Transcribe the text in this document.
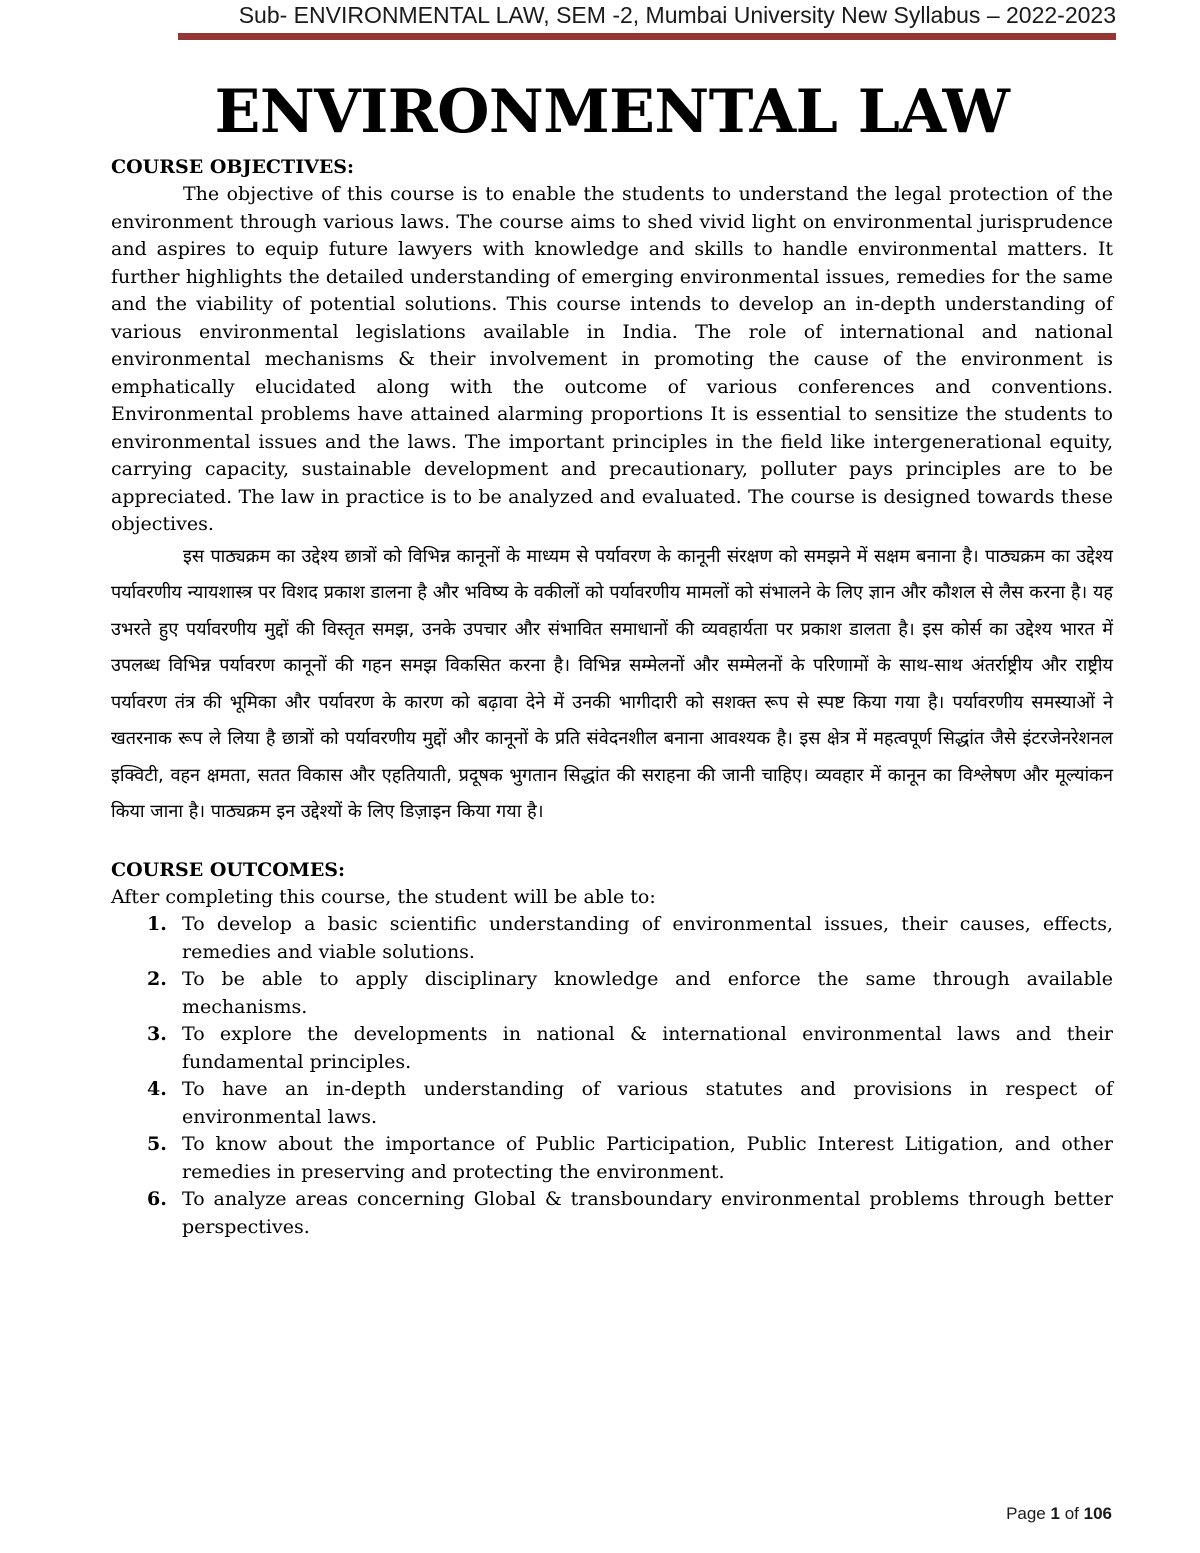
Sub- ENVIRONMENTAL LAW, SEM -2, Mumbai University New Syllabus – 2022-2023
ENVIRONMENTAL LAW

COURSE OBJECTIVES:

The objective of this course is to enable the students to understand the legal protection of the environment through various laws. The course aims to shed vivid light on environmental jurisprudence and aspires to equip future lawyers with knowledge and skills to handle environmental matters. It further highlights the detailed understanding of emerging environmental issues, remedies for the same and the viability of potential solutions. This course intends to develop an in-depth understanding of various environmental legislations available in India. The role of international and national environmental mechanisms & their involvement in promoting the cause of the environment is emphatically elucidated along with the outcome of various conferences and conventions. Environmental problems have attained alarming proportions It is essential to sensitize the students to environmental issues and the laws. The important principles in the field like intergenerational equity, carrying capacity, sustainable development and precautionary, polluter pays principles are to be appreciated. The law in practice is to be analyzed and evaluated. The course is designed towards these objectives.

इस पाठ्यक्रम का उद्देश्य छात्रों को विभिन्न कानूनों के माध्यम से पर्यावरण के कानूनी संरक्षण को समझने में सक्षम बनाना है। पाठ्यक्रम का उद्देश्य पर्यावरणीय न्यायशास्त्र पर विशद प्रकाश डालना है और भविष्य के वकीलों को पर्यावरणीय मामलों को संभालने के लिए ज्ञान और कौशल से लैस करना है। यह उभरते हुए पर्यावरणीय मुद्दों की विस्तृत समझ, उनके उपचार और संभावित समाधानों की व्यवहार्यता पर प्रकाश डालता है। इस कोर्स का उद्देश्य भारत में उपलब्ध विभिन्न पर्यावरण कानूनों की गहन समझ विकसित करना है। विभिन्न सम्मेलनों और सम्मेलनों के परिणामों के साथ-साथ अंतर्राष्ट्रीय और राष्ट्रीय पर्यावरण तंत्र की भूमिका और पर्यावरण के कारण को बढ़ावा देने में उनकी भागीदारी को सशक्त रूप से स्पष्ट किया गया है। पर्यावरणीय समस्याओं ने खतरनाक रूप ले लिया है छात्रों को पर्यावरणीय मुद्दों और कानूनों के प्रति संवेदनशील बनाना आवश्यक है। इस क्षेत्र में महत्वपूर्ण सिद्धांत जैसे इंटरजेनरेशनल इक्विटी, वहन क्षमता, सतत विकास और एहतियाती, प्रदूषक भुगतान सिद्धांत की सराहना की जानी चाहिए। व्यवहार में कानून का विश्लेषण और मूल्यांकन किया जाना है। पाठ्यक्रम इन उद्देश्यों के लिए डिज़ाइन किया गया है।

COURSE OUTCOMES:

After completing this course, the student will be able to:

1. To develop a basic scientific understanding of environmental issues, their causes, effects, remedies and viable solutions.
2. To be able to apply disciplinary knowledge and enforce the same through available mechanisms.
3. To explore the developments in national & international environmental laws and their fundamental principles.
4. To have an in-depth understanding of various statutes and provisions in respect of environmental laws.
5. To know about the importance of Public Participation, Public Interest Litigation, and other remedies in preserving and protecting the environment.
6. To analyze areas concerning Global & transboundary environmental problems through better perspectives.
Page 1 of 106
